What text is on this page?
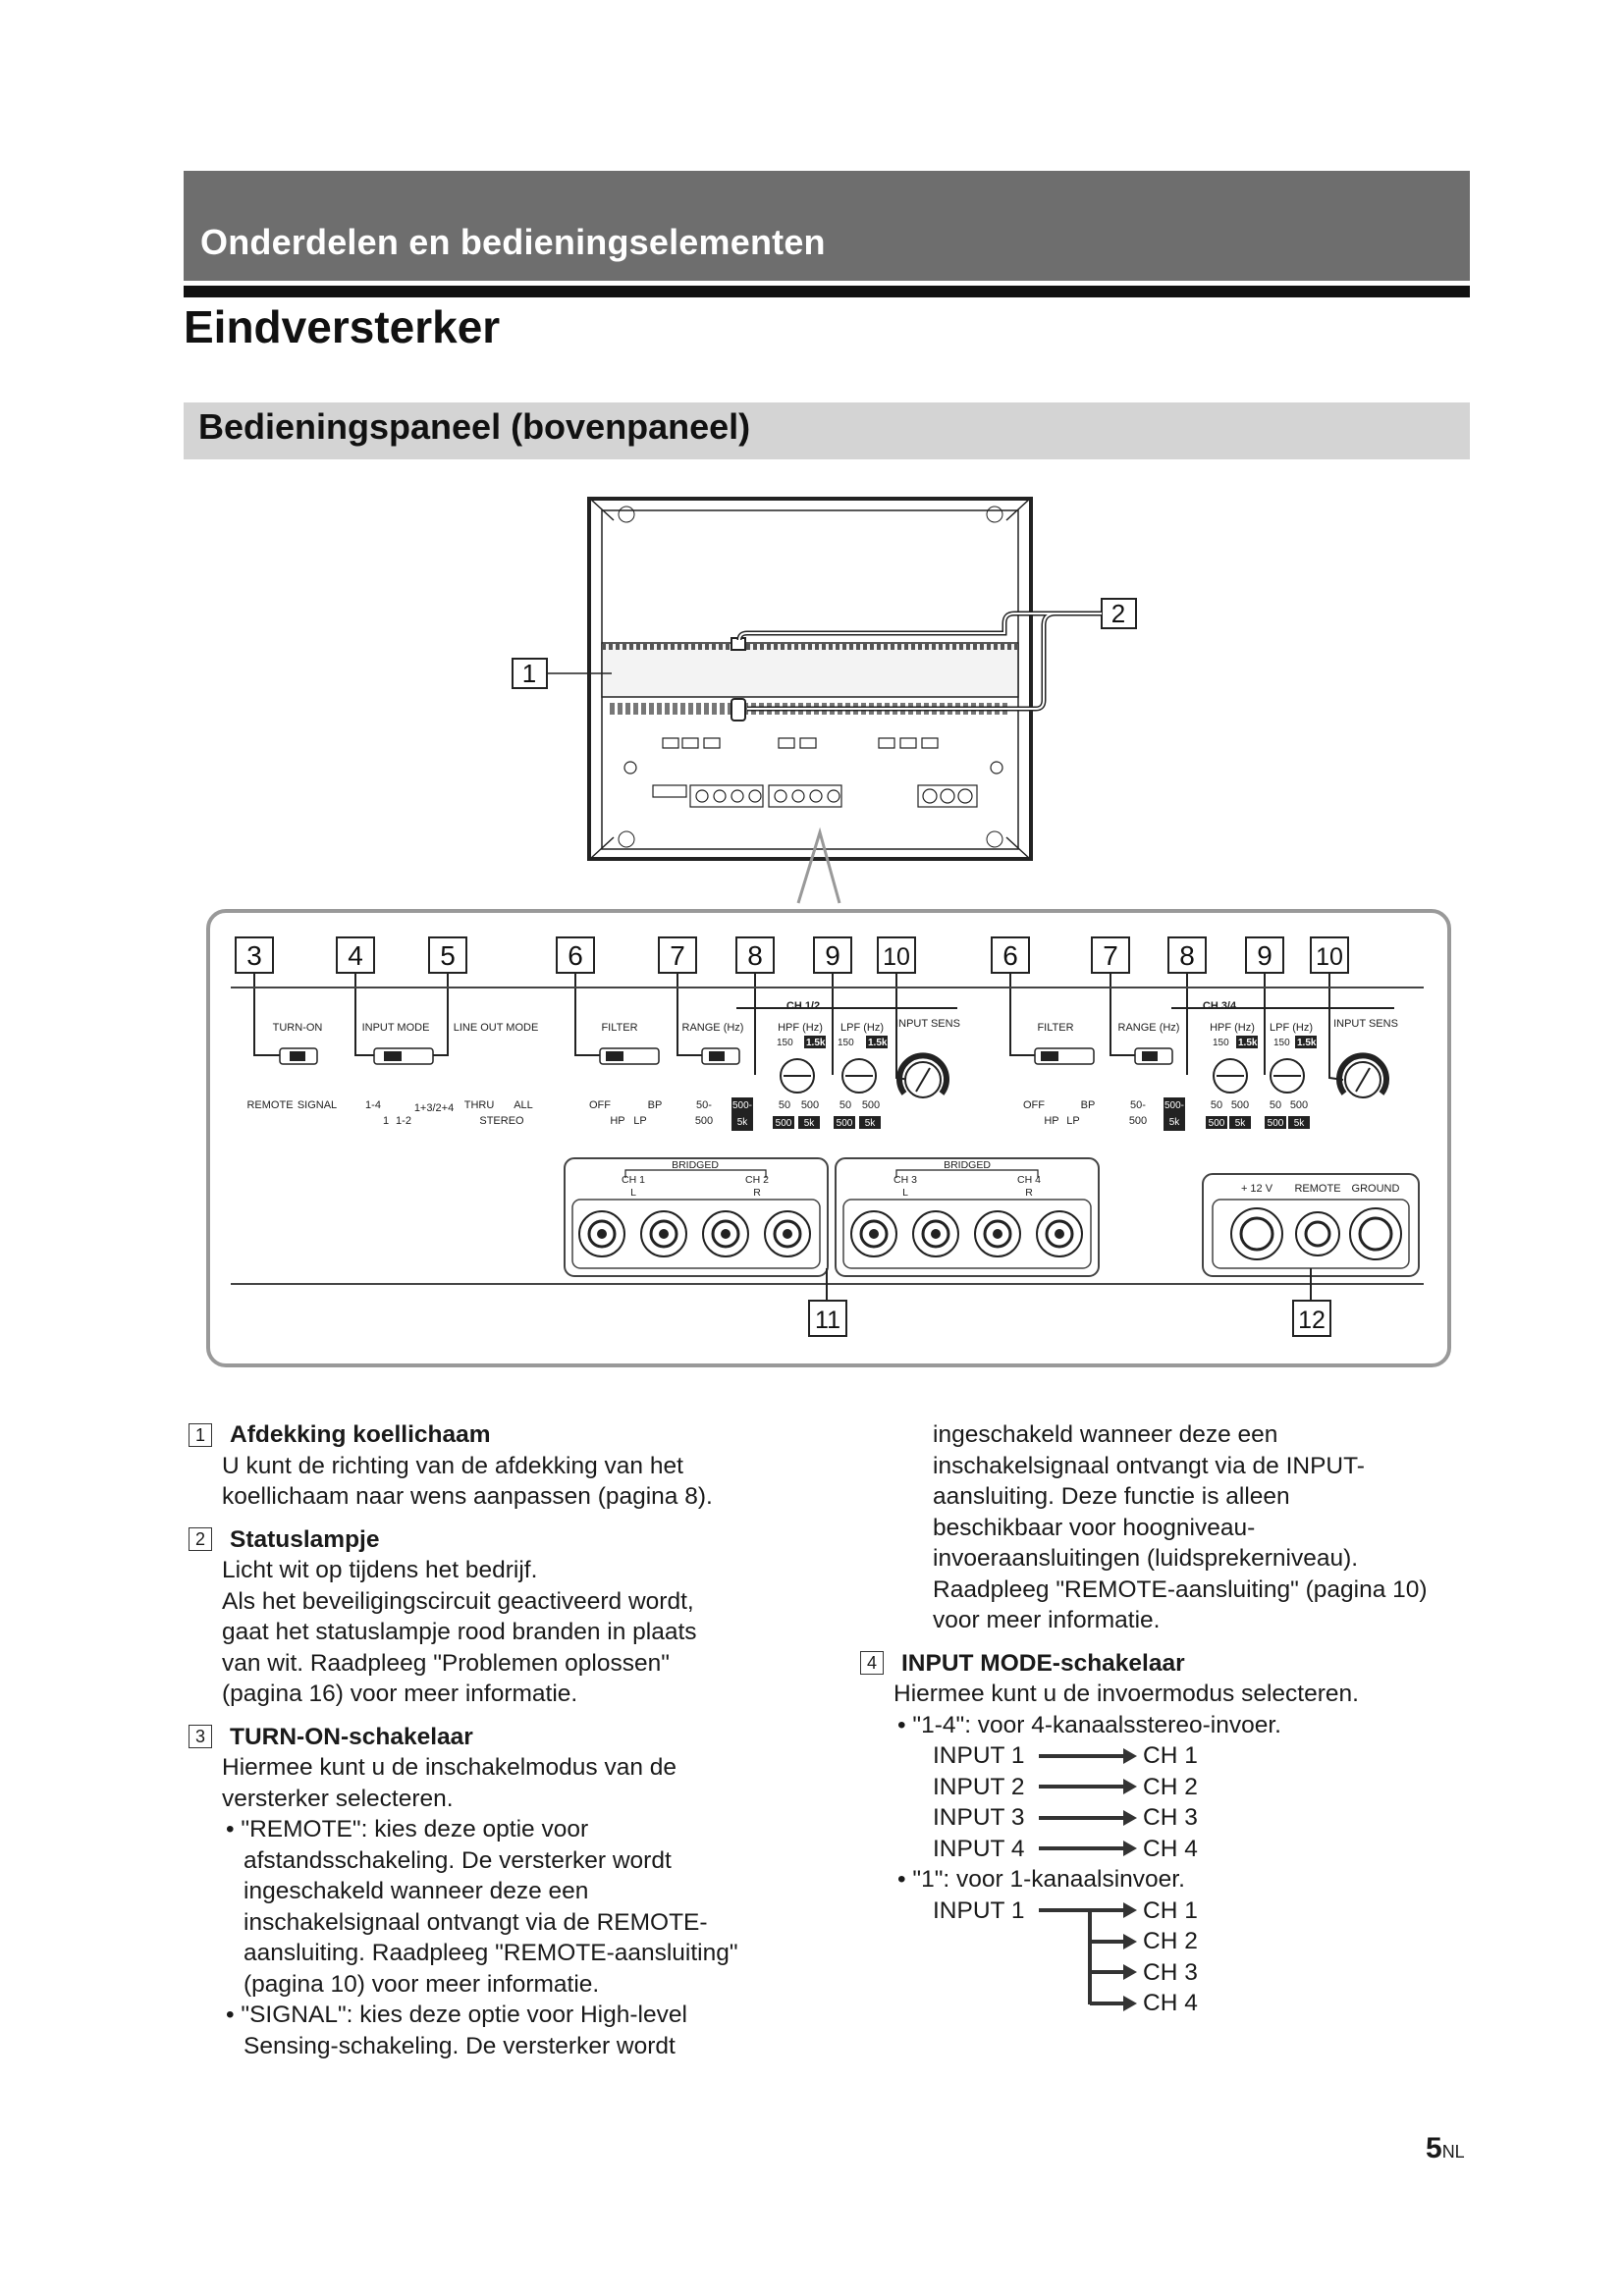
Onderdelen en bedieningselementen
Eindversterker
Bedieningspaneel (bovenpaneel)
1
2
3	4	5	6	7 8 9 10	6	7 8 9 10
TURN-ON	INPUT MODE LINE OUT MODE	FILTER	RANGE (Hz)
CH 1/2
HPF (Hz) LPF (Hz) INPUT SENS	FILTER	RANGE (Hz)
CH 3/4
HPF (Hz) LPF (Hz) INPUT SENS
150 1.5k 150 1.5k	150 1.5k 150 1.5k
REMOTE SIGNAL	1-4
1 1-2
1+3/2+4 THRU ALL
STEREO
OFF	BP
HP LP
50-
500
50 500 50 500	OFF	BP
HP LP
50-
500
50 500 50 500
500-
5k
500-
5k
500 5k 500 5k	500 5k 500 5k
BRIDGED
CH 1	CH 2
L	R
BRIDGED
CH 3	CH 4
L	R	+ 12 V REMOTE GROUND
11	12
1 Afdekking koellichaam
U kunt de richting van de afdekking van het
koellichaam naar wens aanpassen (pagina 8).
2 Statuslampje
Licht wit op tijdens het bedrijf.
Als het beveiligingscircuit geactiveerd wordt,
gaat het statuslampje rood branden in plaats
van wit. Raadpleeg "Problemen oplossen"
(pagina 16) voor meer informatie.
3 TURN-ON-schakelaar
Hiermee kunt u de inschakelmodus van de
versterker selecteren.
• "REMOTE": kies deze optie voor
afstandsschakeling. De versterker wordt
ingeschakeld wanneer deze een
inschakelsignaal ontvangt via de REMOTE-
aansluiting. Raadpleeg "REMOTE-aansluiting"
(pagina 10) voor meer informatie.
• "SIGNAL": kies deze optie voor High-level
Sensing-schakeling. De versterker wordt
ingeschakeld wanneer deze een
inschakelsignaal ontvangt via de INPUT-
aansluiting. Deze functie is alleen
beschikbaar voor hoogniveau-
invoeraansluitingen (luidsprekerniveau).
Raadpleeg "REMOTE-aansluiting" (pagina 10)
voor meer informatie.
4 INPUT MODE-schakelaar
Hiermee kunt u de invoermodus selecteren.
• "1-4": voor 4-kanaalsstereo-invoer.
INPUT 1	CH 1
INPUT 2	CH 2
INPUT 3	CH 3
INPUT 4	CH 4
• "1": voor 1-kanaalsinvoer.
INPUT 1	CH 1
CH 2
CH 3
CH 4
5NL
